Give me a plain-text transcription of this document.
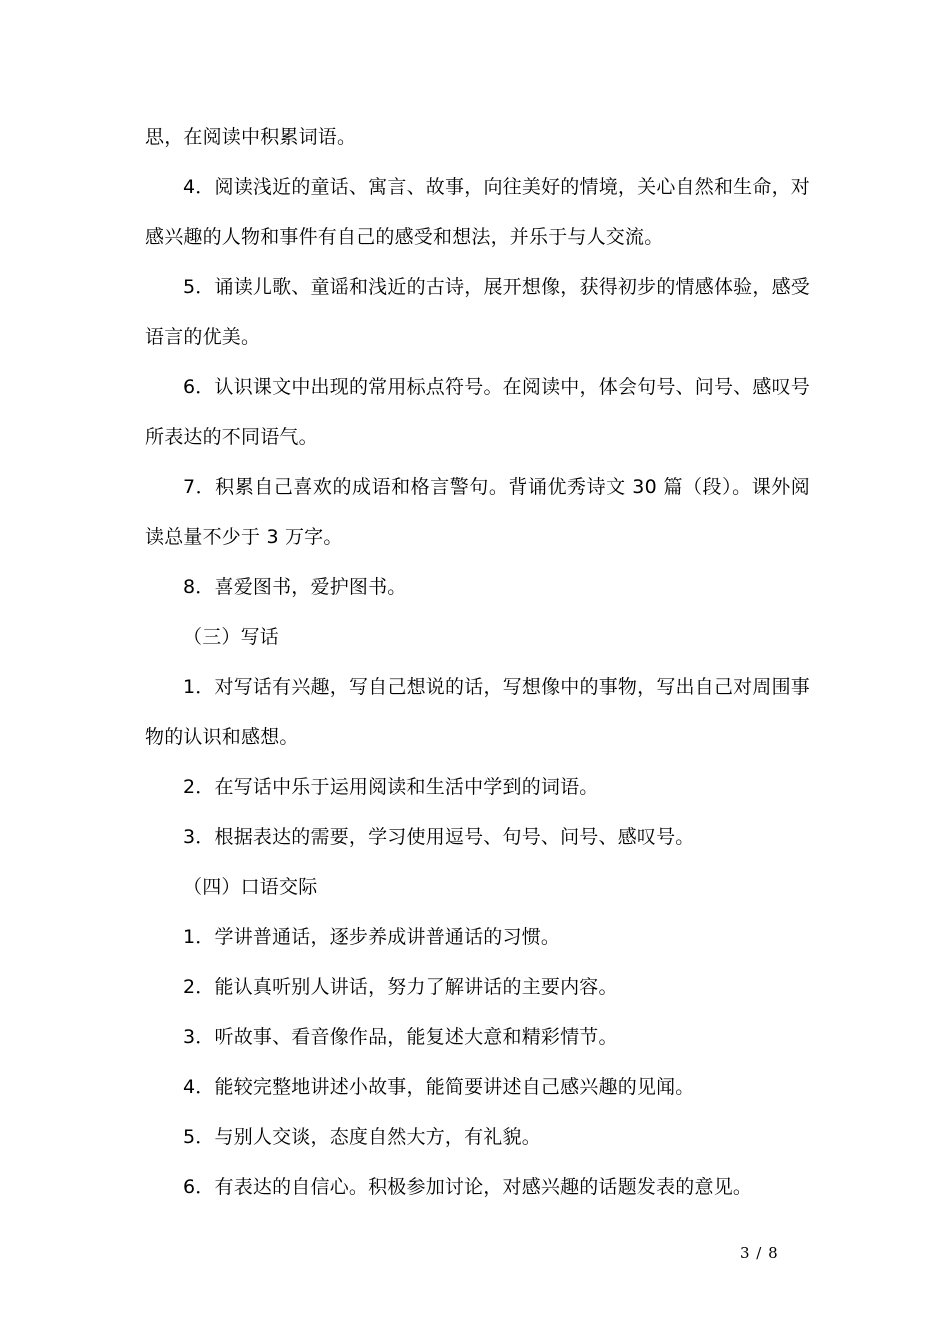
思，在阅读中积累词语。

4．阅读浅近的童话、寓言、故事，向往美好的情境，关心自然和生命，对感兴趣的人物和事件有自己的感受和想法，并乐于与人交流。

5．诵读儿歌、童谣和浅近的古诗，展开想像，获得初步的情感体验，感受语言的优美。

6．认识课文中出现的常用标点符号。在阅读中，体会句号、问号、感叹号所表达的不同语气。

7．积累自己喜欢的成语和格言警句。背诵优秀诗文 30 篇（段）。课外阅读总量不少于 3 万字。

8．喜爱图书，爱护图书。

（三）写话

1．对写话有兴趣，写自己想说的话，写想像中的事物，写出自己对周围事物的认识和感想。

2．在写话中乐于运用阅读和生活中学到的词语。

3．根据表达的需要，学习使用逗号、句号、问号、感叹号。

（四）口语交际

1．学讲普通话，逐步养成讲普通话的习惯。

2．能认真听别人讲话，努力了解讲话的主要内容。

3．听故事、看音像作品，能复述大意和精彩情节。

4．能较完整地讲述小故事，能简要讲述自己感兴趣的见闻。

5．与别人交谈，态度自然大方，有礼貌。

6．有表达的自信心。积极参加讨论，对感兴趣的话题发表的意见。

3 / 8
